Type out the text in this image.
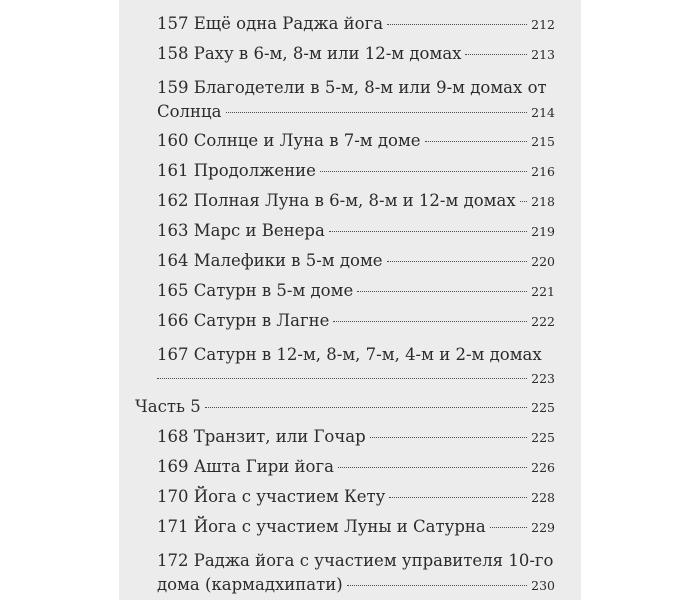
157 Ещё одна Раджа йога	212
158 Раху в 6-м, 8-м или 12-м домах	213
159 Благодетели в 5-м, 8-м или 9-м домах от
Солнца	214
160 Солнце и Луна в 7-м доме	215
161 Продолжение	216
162 Полная Луна в 6-м, 8-м и 12-м домах 218
163 Марс и Венера	219
164 Малефики в 5-м доме	220
165 Сатурн в 5-м доме	221
166 Сатурн в Лагне	222
167 Сатурн в 12-м, 8-м, 7-м, 4-м и 2-м домах
223
Часть 5	225
168 Транзит, или Гочар	225
169 Ашта Гири йога	226
170 Йога с участием Кету	228
171 Йога с участием Луны и Сатурна	229
172 Раджа йога с участием управителя 10-го
дома (кармадхипати)	230
